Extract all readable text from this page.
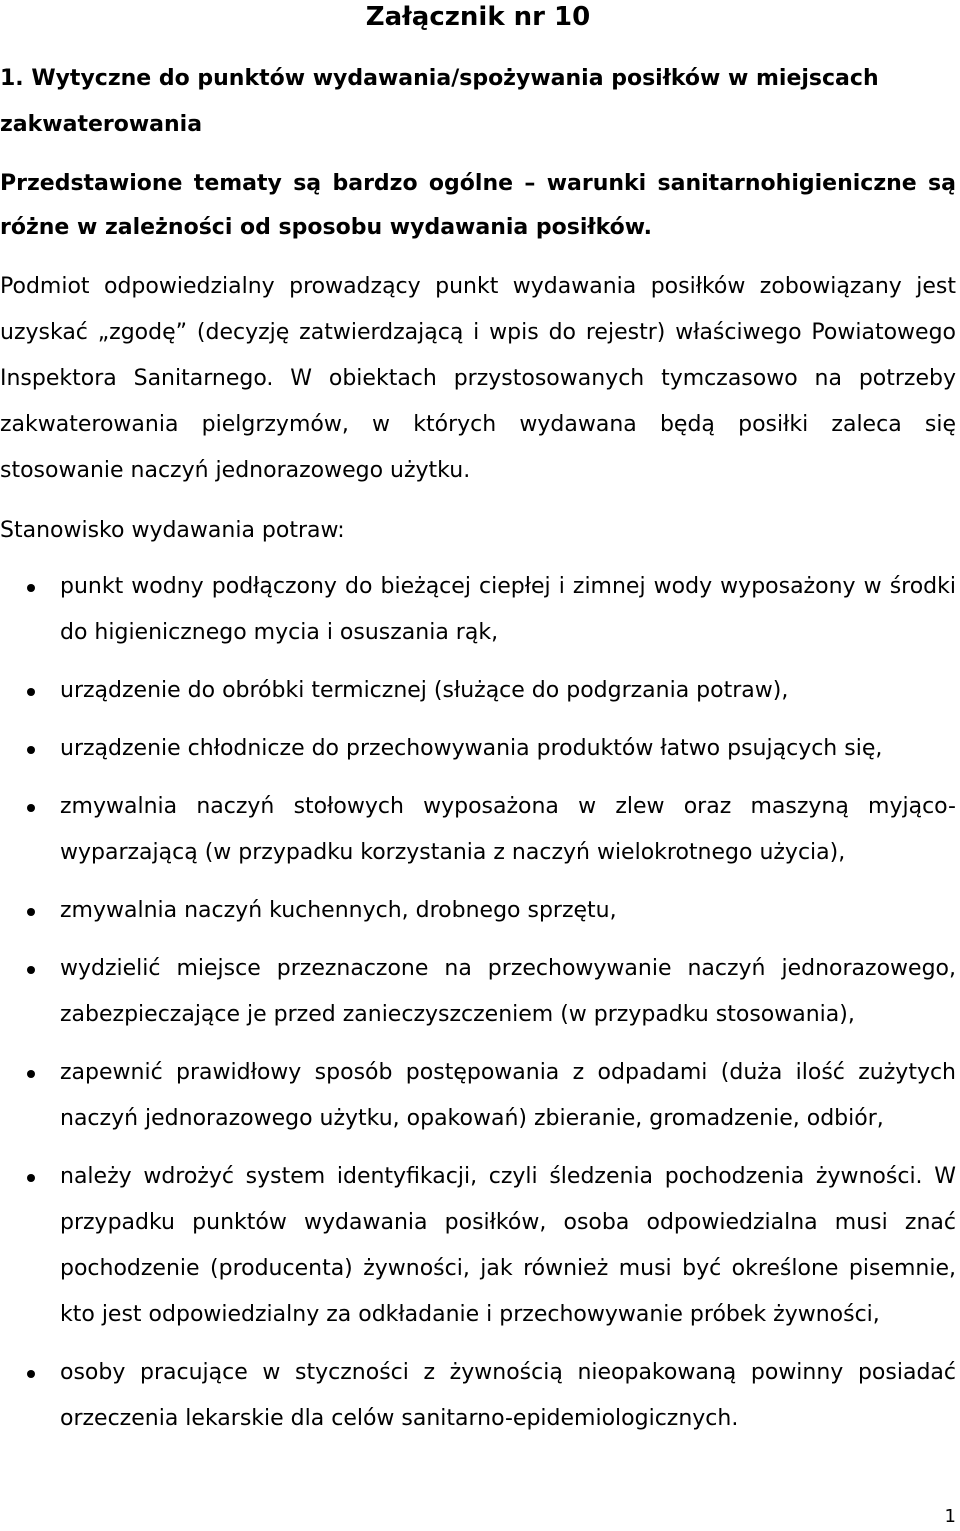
Załącznik nr 10
1. Wytyczne do punktów wydawania/spożywania posiłków w miejscach zakwaterowania

Przedstawione tematy są bardzo ogólne – warunki sanitarnohigieniczne są różne w zależności od sposobu wydawania posiłków.

Podmiot odpowiedzialny prowadzący punkt wydawania posiłków zobowiązany jest uzyskać „zgodę” (decyzję zatwierdzającą i wpis do rejestr) właściwego Powiatowego Inspektora Sanitarnego. W obiektach przystosowanych tymczasowo na potrzeby zakwaterowania pielgrzymów, w których wydawana będą posiłki zaleca się stosowanie naczyń jednorazowego użytku.

Stanowisko wydawania potraw:

punkt wodny podłączony do bieżącej ciepłej i zimnej wody wyposażony w środki do higienicznego mycia i osuszania rąk,
urządzenie do obróbki termicznej (służące do podgrzania potraw),
urządzenie chłodnicze do przechowywania produktów łatwo psujących się,
zmywalnia naczyń stołowych wyposażona w zlew oraz maszyną myjąco-wyparzającą (w przypadku korzystania z naczyń wielokrotnego użycia),
zmywalnia naczyń kuchennych, drobnego sprzętu,
wydzielić miejsce przeznaczone na przechowywanie naczyń jednorazowego, zabezpieczające je przed zanieczyszczeniem (w przypadku stosowania),
zapewnić prawidłowy sposób postępowania z odpadami (duża ilość zużytych naczyń jednorazowego użytku, opakowań) zbieranie, gromadzenie, odbiór,
należy wdrożyć system identyfikacji, czyli śledzenia pochodzenia żywności. W przypadku punktów wydawania posiłków, osoba odpowiedzialna musi znać pochodzenie (producenta) żywności, jak również musi być określone pisemnie, kto jest odpowiedzialny za odkładanie i przechowywanie próbek żywności,
osoby pracujące w styczności z żywnością nieopakowaną powinny posiadać orzeczenia lekarskie dla celów sanitarno-epidemiologicznych.
1
